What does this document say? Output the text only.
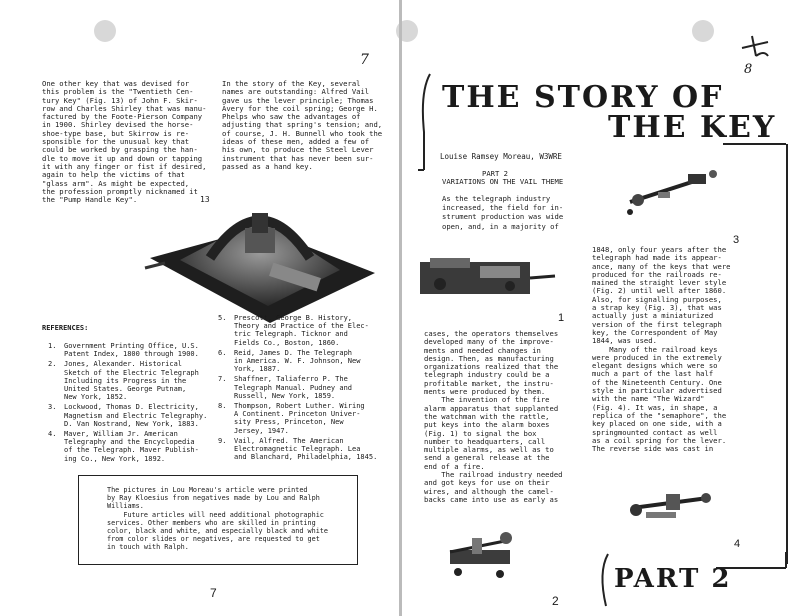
7
One other key that was devised for
this problem is the "Twentieth Cen-
tury Key" (Fig. 13) of John F. Skir-
row and Charles Shirley that was manu-
factured by the Foote-Pierson Company
in 1900. Shirley devised the horse-
shoe-type base, but Skirrow is re-
sponsible for the unusual key that
could be worked by grasping the han-
dle to move it up and down or tapping
it with any finger or fist if desired,
again to help the victims of that
"glass arm". As might be expected,
the profession promptly nicknamed it
the "Pump Handle Key".
In the story of the Key, several
names are outstanding: Alfred Vail
gave us the lever principle; Thomas
Avery for the coil spring; George H.
Phelps who saw the advantages of
adjusting that spring's tension; and,
of course, J. H. Bunnell who took the
ideas of these men, added a few of
his own, to produce the Steel Lever
instrument that has never been sur-
passed as a hand key.
13
REFERENCES:
1.	Government Printing Office, U.S.
Patent Index, 1800 through 1900.
2.	Jones, Alexander. Historical
Sketch of the Electric Telegraph
Including its Progress in the
United States. George Putnam,
New York, 1852.
3.	Lockwood, Thomas D. Electricity,
Magnetism and Electric Telegraphy.
D. Van Nostrand, New York, 1883.
4.	Maver, William Jr. American
Telegraphy and the Encyclopedia
of the Telegraph. Maver Publish-
ing Co., New York, 1892.
5.	Prescott, George B. History,
Theory and Practice of the Elec-
tric Telegraph. Ticknor and
Fields Co., Boston, 1860.
6.	Reid, James D. The Telegraph
in America. W. F. Johnson, New
York, 1887.
7.	Shaffner, Taliaferro P. The
Telegraph Manual. Pudney and
Russell, New York, 1859.
8.	Thompson, Robert Luther. Wiring
A Continent. Princeton Univer-
sity Press, Princeton, New
Jersey, 1947.
9.	Vail, Alfred. The American
Electromagnetic Telegraph. Lea
and Blanchard, Philadelphia, 1845.
The pictures in Lou Moreau's article were printed
by Ray Kloesius from negatives made by Lou and Ralph
Williams.
Future articles will need additional photographic
services. Other members who are skilled in printing
color, black and white, and especially black and white
from color slides or negatives, are requested to get
in touch with Ralph.
7
8
THE STORY OF
THE KEY
Louise Ramsey Moreau, W3WRE
PART 2
VARIATIONS ON THE VAIL THEME
As the telegraph industry
increased, the field for in-
strument production was wide
open, and, in a majority of
3
1
cases, the operators themselves
developed many of the improve-
ments and needed changes in
design. Then, as manufacturing
organizations realized that the
telegraph industry could be a
profitable market, the instru-
ments were produced by them.
The invention of the fire
alarm apparatus that supplanted
the watchman with the rattle,
put keys into the alarm boxes
(Fig. 1) to signal the box
number to headquarters, call
multiple alarms, as well as to
send a general release at the
end of a fire.
The railroad industry needed
and got keys for use on their
wires, and although the camel-
backs came into use as early as
1848, only four years after the
telegraph had made its appear-
ance, many of the keys that were
produced for the railroads re-
mained the straight lever style
(Fig. 2) until well after 1860.
Also, for signalling purposes,
a strap key (Fig. 3), that was
actually just a miniaturized
version of the first telegraph
key, the Correspondent of May
1844, was used.
Many of the railroad keys
were produced in the extremely
elegant designs which were so
much a part of the last half
of the Nineteenth Century. One
style in particular advertised
with the name "The Wizard"
(Fig. 4). It was, in shape, a
replica of the "semaphore", the
key placed on one side, with a
springmounted contact as well
as a coil spring for the lever.
The reverse side was cast in
4
PART 2
2
